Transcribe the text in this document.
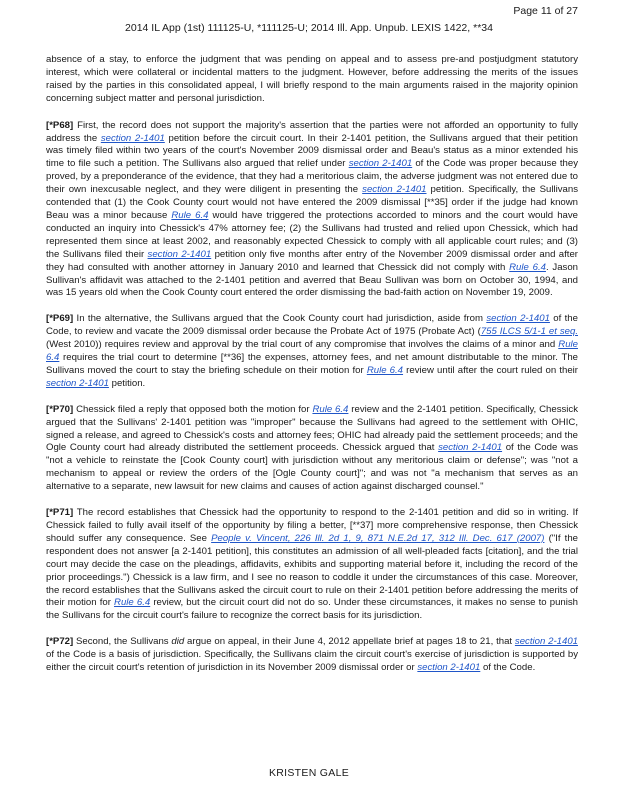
Page 11 of 27
2014 IL App (1st) 111125-U, *111125-U; 2014 Ill. App. Unpub. LEXIS 1422, **34

absence of a stay, to enforce the judgment that was pending on appeal and to assess pre-and postjudgment statutory interest, which were collateral or incidental matters to the judgment. However, before addressing the merits of the issues raised by the parties in this consolidated appeal, I will briefly respond to the main arguments raised in the majority opinion concerning subject matter and personal jurisdiction.

[*P68] First, the record does not support the majority's assertion that the parties were not afforded an opportunity to fully address the section 2-1401 petition before the circuit court. In their 2-1401 petition, the Sullivans argued that their petition was timely filed within two years of the court's November 2009 dismissal order and Beau's status as a minor extended his time to file such a petition. The Sullivans also argued that relief under section 2-1401 of the Code was proper because they proved, by a preponderance of the evidence, that they had a meritorious claim, the adverse judgment was not entered due to their own inexcusable neglect, and they were diligent in presenting the section 2-1401 petition. Specifically, the Sullivans contended that (1) the Cook County court would not have entered the 2009 dismissal [**35] order if the judge had known Beau was a minor because Rule 6.4 would have triggered the protections accorded to minors and the court would have conducted an inquiry into Chessick's 47% attorney fee; (2) the Sullivans had trusted and relied upon Chessick, which had represented them since at least 2002, and reasonably expected Chessick to comply with all applicable court rules; and (3) the Sullivans filed their section 2-1401 petition only five months after entry of the November 2009 dismissal order and after they had consulted with another attorney in January 2010 and learned that Chessick did not comply with Rule 6.4. Jason Sullivan's affidavit was attached to the 2-1401 petition and averred that Beau Sullivan was born on October 30, 1994, and was 15 years old when the Cook County court entered the order dismissing the bad-faith action on November 19, 2009.

[*P69] In the alternative, the Sullivans argued that the Cook County court had jurisdiction, aside from section 2-1401 of the Code, to review and vacate the 2009 dismissal order because the Probate Act of 1975 (Probate Act) (755 ILCS 5/1-1 et seq. (West 2010)) requires review and approval by the trial court of any compromise that involves the claims of a minor and Rule 6.4 requires the trial court to determine [**36] the expenses, attorney fees, and net amount distributable to the minor. The Sullivans moved the court to stay the briefing schedule on their motion for Rule 6.4 review until after the court ruled on their section 2-1401 petition.

[*P70] Chessick filed a reply that opposed both the motion for Rule 6.4 review and the 2-1401 petition. Specifically, Chessick argued that the Sullivans' 2-1401 petition was "improper" because the Sullivans had agreed to the settlement with OHIC, signed a release, and agreed to Chessick's costs and attorney fees; OHIC had already paid the settlement proceeds; and the Ogle County court had already distributed the settlement proceeds. Chessick argued that section 2-1401 of the Code was "not a vehicle to reinstate the [Cook County court] with jurisdiction without any meritorious claim or defense"; was "not a mechanism to appeal or review the orders of the [Ogle County court]"; and was not "a mechanism that serves as an alternative to a separate, new lawsuit for new claims and causes of action against discharged counsel."

[*P71] The record establishes that Chessick had the opportunity to respond to the 2-1401 petition and did so in writing. If Chessick failed to fully avail itself of the opportunity by filing a better, [**37] more comprehensive response, then Chessick should suffer any consequence. See People v. Vincent, 226 Ill. 2d 1, 9, 871 N.E.2d 17, 312 Ill. Dec. 617 (2007) ("If the respondent does not answer [a 2-1401 petition], this constitutes an admission of all well-pleaded facts [citation], and the trial court may decide the case on the pleadings, affidavits, exhibits and supporting material before it, including the record of the prior proceedings.") Chessick is a law firm, and I see no reason to coddle it under the circumstances of this case. Moreover, the record establishes that the Sullivans asked the circuit court to rule on their 2-1401 petition before addressing the merits of their motion for Rule 6.4 review, but the circuit court did not do so. Under these circumstances, it makes no sense to punish the Sullivans for the circuit court's failure to recognize the correct basis for its jurisdiction.

[*P72] Second, the Sullivans did argue on appeal, in their June 4, 2012 appellate brief at pages 18 to 21, that section 2-1401 of the Code is a basis of jurisdiction. Specifically, the Sullivans claim the circuit court's exercise of jurisdiction is supported by either the circuit court's retention of jurisdiction in its November 2009 dismissal order or section 2-1401 of the Code.

KRISTEN GALE
